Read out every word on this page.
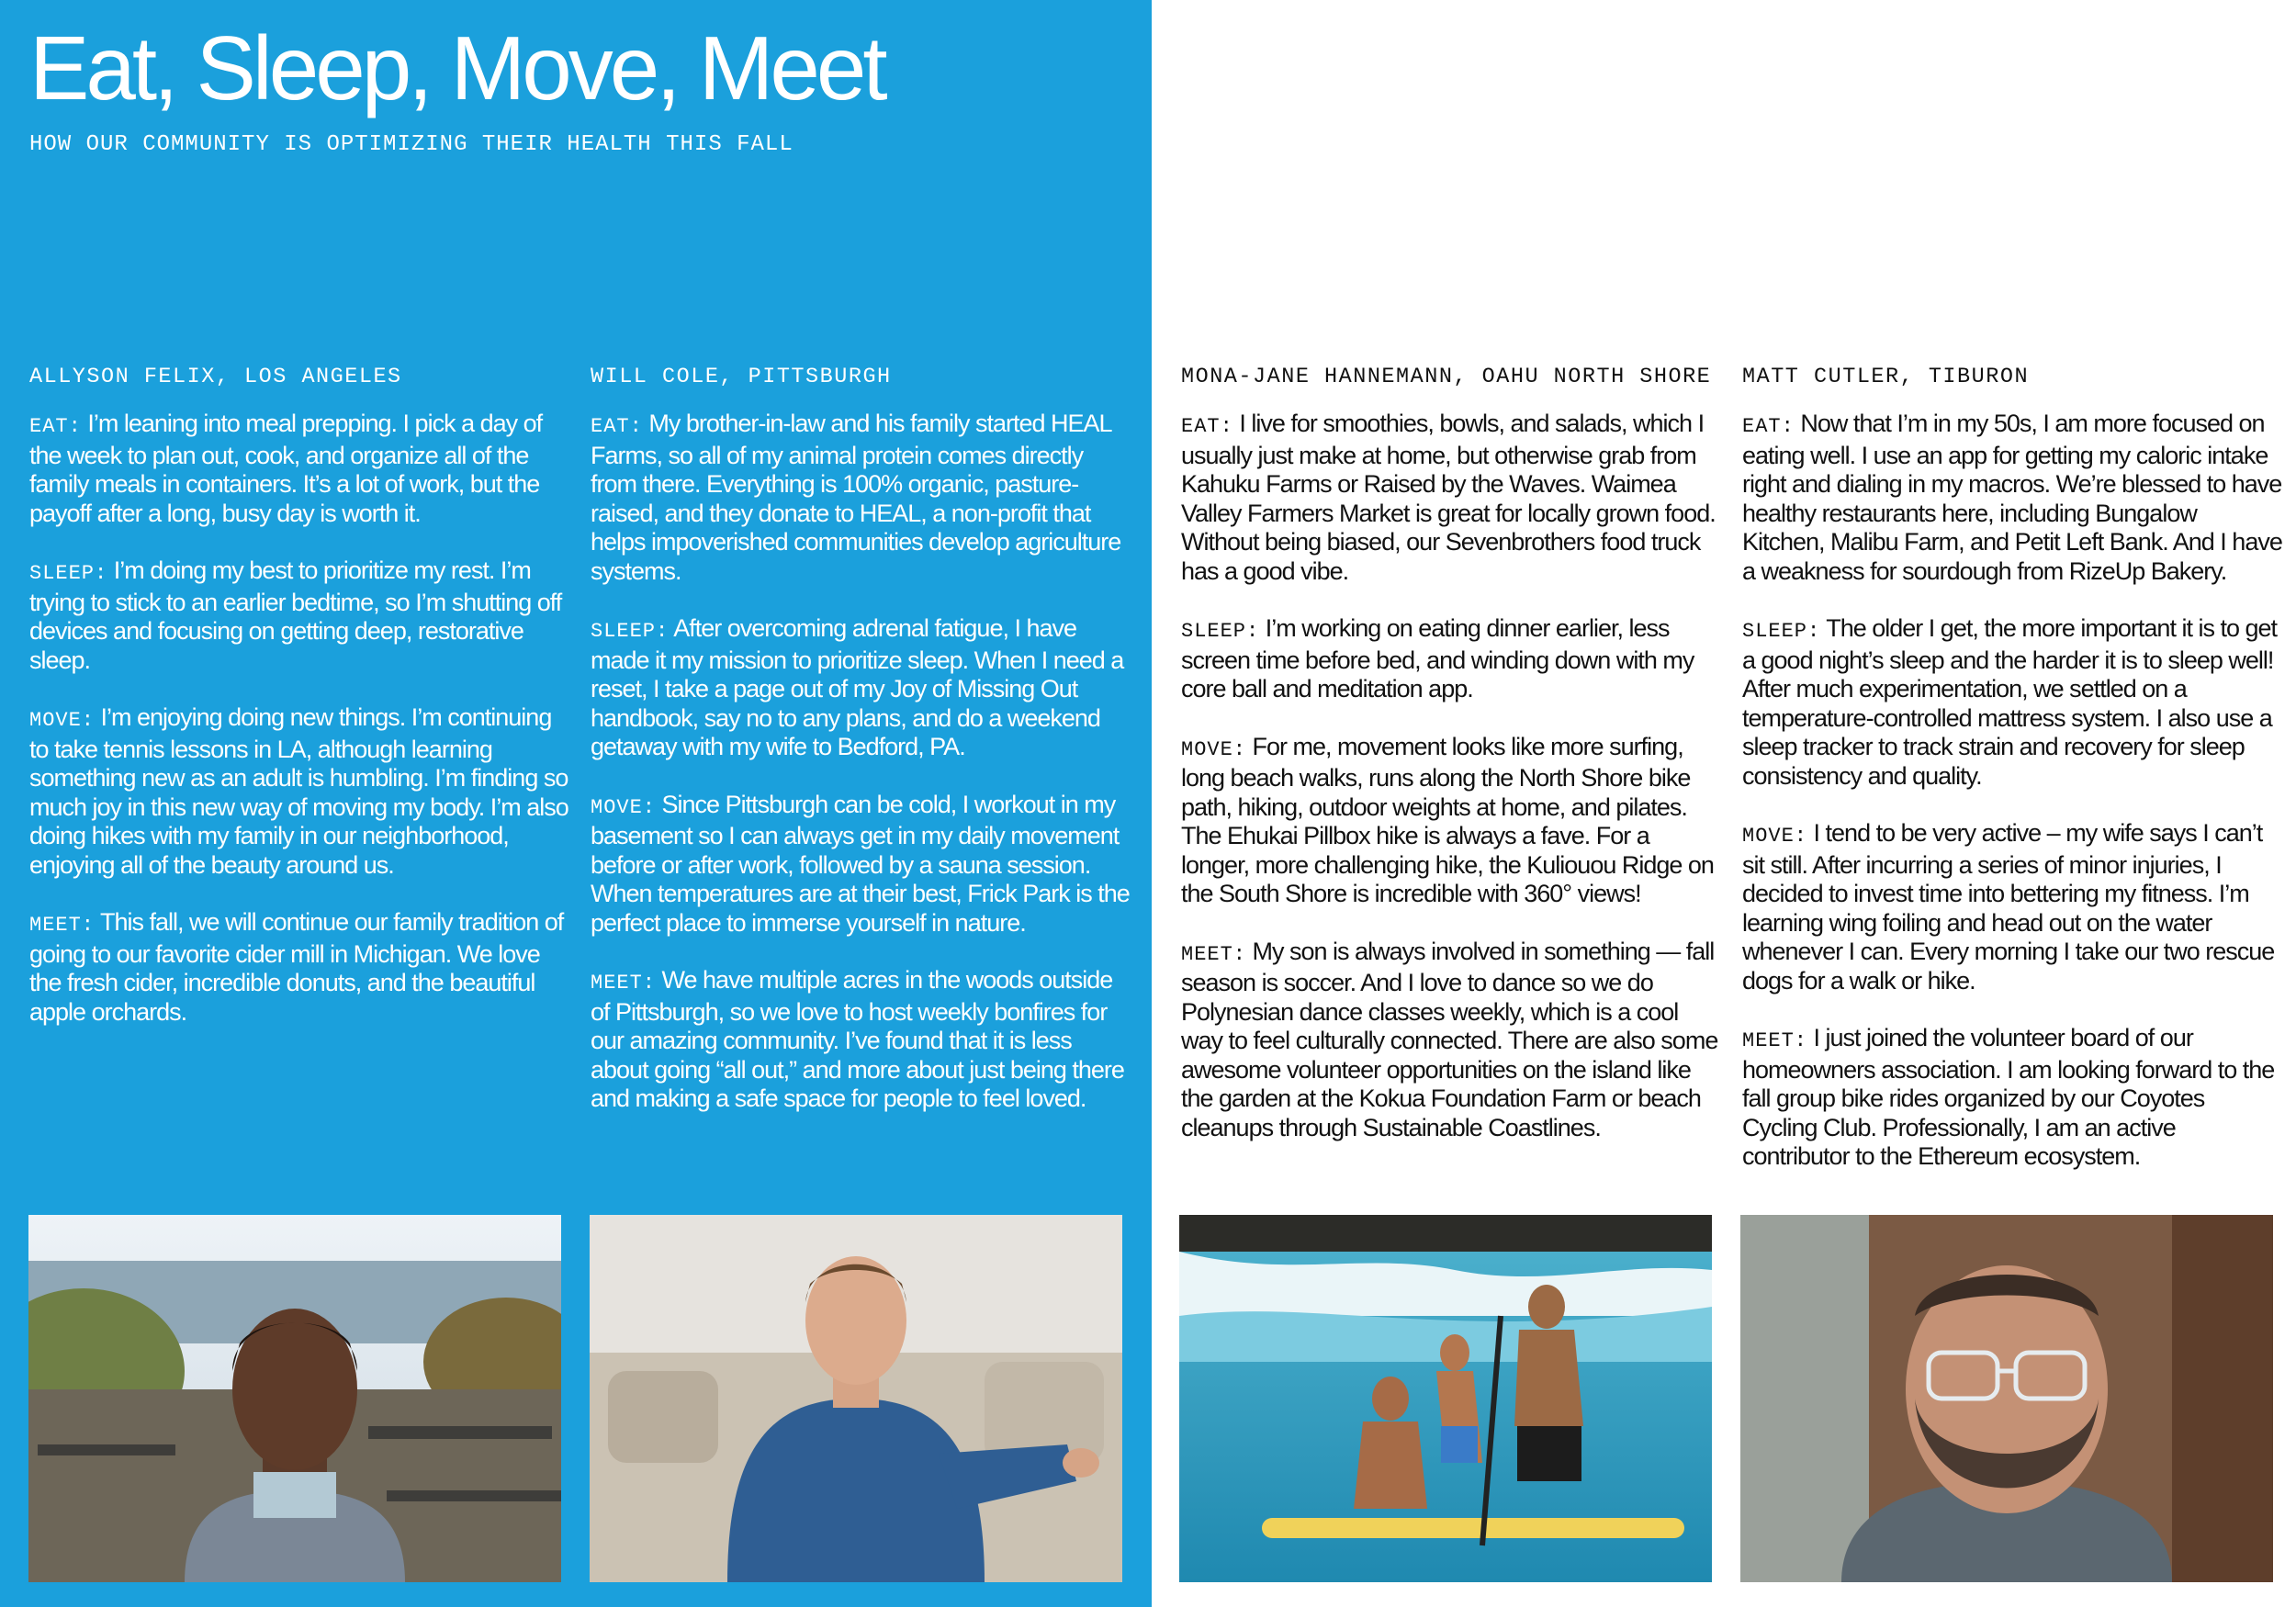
Eat, Sleep, Move, Meet
HOW OUR COMMUNITY IS OPTIMIZING THEIR HEALTH THIS FALL
ALLYSON FELIX, LOS ANGELES

EAT: I’m leaning into meal prepping. I pick a day of the week to plan out, cook, and organize all of the family meals in containers. It’s a lot of work, but the payoff after a long, busy day is worth it.

SLEEP: I’m doing my best to prioritize my rest. I’m trying to stick to an earlier bedtime, so I’m shutting off devices and focusing on getting deep, restorative sleep.

MOVE: I’m enjoying doing new things. I’m continuing to take tennis lessons in LA, although learning something new as an adult is humbling. I’m finding so much joy in this new way of moving my body. I’m also doing hikes with my family in our neighborhood, enjoying all of the beauty around us.

MEET: This fall, we will continue our family tradition of going to our favorite cider mill in Michigan. We love the fresh cider, incredible donuts, and the beautiful apple orchards.

WILL COLE, PITTSBURGH

EAT: My brother-in-law and his family started HEAL Farms, so all of my animal protein comes directly from there. Everything is 100% organic, pasture-raised, and they donate to HEAL, a non-profit that helps impoverished communities develop agriculture systems.

SLEEP: After overcoming adrenal fatigue, I have made it my mission to prioritize sleep. When I need a reset, I take a page out of my Joy of Missing Out handbook, say no to any plans, and do a weekend getaway with my wife to Bedford, PA.

MOVE: Since Pittsburgh can be cold, I workout in my basement so I can always get in my daily movement before or after work, followed by a sauna session. When temperatures are at their best, Frick Park is the perfect place to immerse yourself in nature.

MEET: We have multiple acres in the woods outside of Pittsburgh, so we love to host weekly bonfires for our amazing community. I’ve found that it is less about going “all out,” and more about just being there and making a safe space for people to feel loved.

MONA-JANE HANNEMANN, OAHU NORTH SHORE

EAT: I live for smoothies, bowls, and salads, which I usually just make at home, but otherwise grab from Kahuku Farms or Raised by the Waves. Waimea Valley Farmers Market is great for locally grown food. Without being biased, our Sevenbrothers food truck has a good vibe.

SLEEP: I’m working on eating dinner earlier, less screen time before bed, and winding down with my core ball and meditation app.

MOVE: For me, movement looks like more surfing, long beach walks, runs along the North Shore bike path, hiking, outdoor weights at home, and pilates. The Ehukai Pillbox hike is always a fave. For a longer, more challenging hike, the Kuliouou Ridge on the South Shore is incredible with 360° views!

MEET: My son is always involved in something — fall season is soccer. And I love to dance so we do Polynesian dance classes weekly, which is a cool way to feel culturally connected. There are also some awesome volunteer opportunities on the island like the garden at the Kokua Foundation Farm or beach cleanups through Sustainable Coastlines.

MATT CUTLER, TIBURON

EAT: Now that I’m in my 50s, I am more focused on eating well. I use an app for getting my caloric intake right and dialing in my macros. We’re blessed to have healthy restaurants here, including Bungalow Kitchen, Malibu Farm, and Petit Left Bank. And I have a weakness for sourdough from RizeUp Bakery.

SLEEP: The older I get, the more important it is to get a good night’s sleep and the harder it is to sleep well! After much experimentation, we settled on a temperature-controlled mattress system. I also use a sleep tracker to track strain and recovery for sleep consistency and quality.

MOVE: I tend to be very active – my wife says I can’t sit still. After incurring a series of minor injuries, I decided to invest time into bettering my fitness. I’m learning wing foiling and head out on the water whenever I can. Every morning I take our two rescue dogs for a walk or hike.

MEET: I just joined the volunteer board of our homeowners association. I am looking forward to the fall group bike rides organized by our Coyotes Cycling Club. Professionally, I am an active contributor to the Ethereum ecosystem.
